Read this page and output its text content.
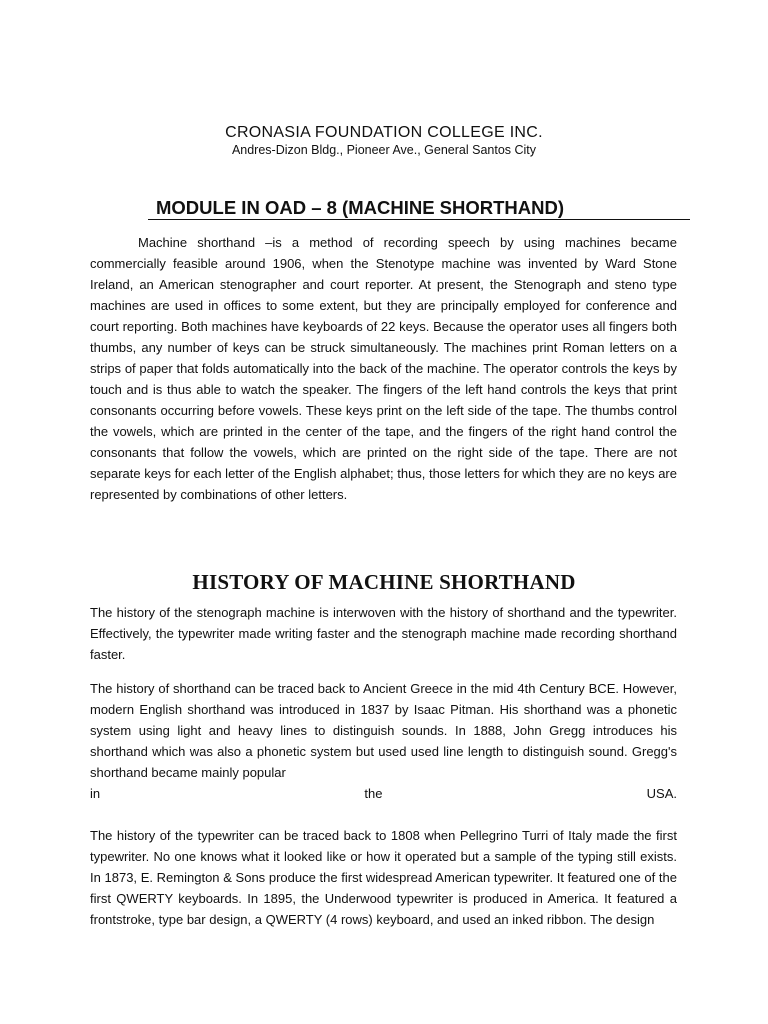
CRONASIA FOUNDATION COLLEGE INC.
Andres-Dizon Bldg., Pioneer Ave., General Santos City
MODULE IN OAD – 8 (MACHINE SHORTHAND)

Machine shorthand –is a method of recording speech by using machines became commercially feasible around 1906, when the Stenotype machine was invented by Ward Stone Ireland, an American stenographer and court reporter. At present, the Stenograph and steno type machines are used in offices to some extent, but they are principally employed for conference and court reporting. Both machines have keyboards of 22 keys. Because the operator uses all fingers both thumbs, any number of keys can be struck simultaneously. The machines print Roman letters on a strips of paper that folds automatically into the back of the machine. The operator controls the keys by touch and is thus able to watch the speaker. The fingers of the left hand controls the keys that print consonants occurring before vowels. These keys print on the left side of the tape. The thumbs control the vowels, which are printed in the center of the tape, and the fingers of the right hand control the consonants that follow the vowels, which are printed on the right side of the tape. There are not separate keys for each letter of the English alphabet; thus, those letters for which they are no keys are represented by combinations of other letters.

HISTORY OF MACHINE SHORTHAND

The history of the stenograph machine is interwoven with the history of shorthand and the typewriter. Effectively, the typewriter made writing faster and the stenograph machine made recording shorthand faster.

The history of shorthand can be traced back to Ancient Greece in the mid 4th Century BCE. However, modern English shorthand was introduced in 1837 by Isaac Pitman. His shorthand was a phonetic system using light and heavy lines to distinguish sounds. In 1888, John Gregg introduces his shorthand which was also a phonetic system but used used line length to distinguish sound. Gregg's shorthand became mainly popular
in the USA.

The history of the typewriter can be traced back to 1808 when Pellegrino Turri of Italy made the first typewriter. No one knows what it looked like or how it operated but a sample of the typing still exists. In 1873, E. Remington & Sons produce the first widespread American typewriter. It featured one of the first QWERTY keyboards. In 1895, the Underwood typewriter is produced in America. It featured a frontstroke, type bar design, a QWERTY (4 rows) keyboard, and used an inked ribbon. The design
